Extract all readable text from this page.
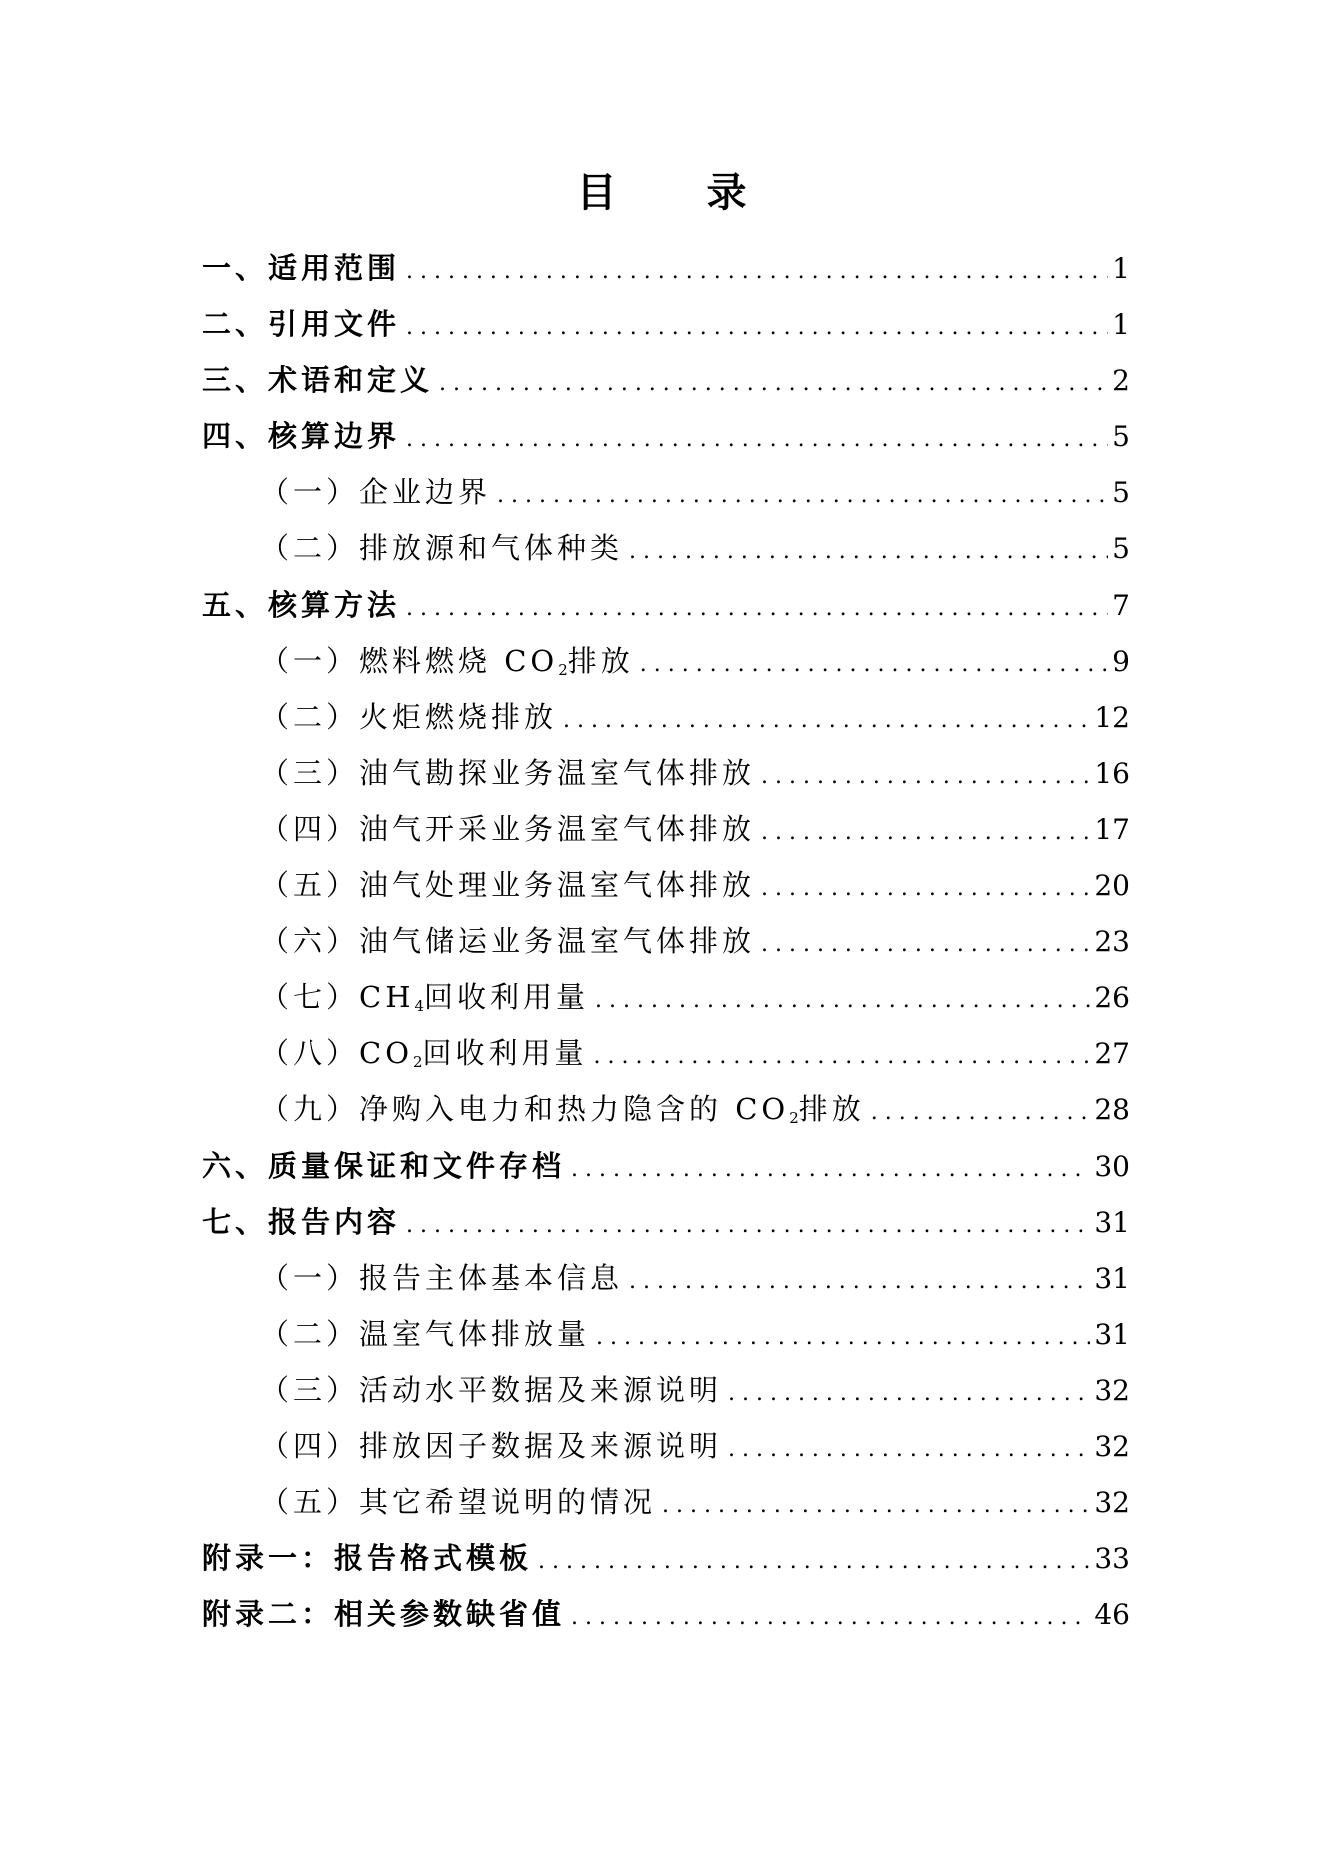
目 录
一、适用范围 . . .	1
二、引用文件 . . .	1
三、术语和定义 . . .	2
四、核算边界 . . .	5
（一）企业边界 . . .	5
（二）排放源和气体种类 . . .	5
五、核算方法 . . .	7
（一）燃料燃烧 $CO_2$排放 . . .	9
（二）火炬燃烧排放 . . .	12
（三）油气勘探业务温室气体排放 . . .	16
（四）油气开采业务温室气体排放 . . .	17
（五）油气处理业务温室气体排放 . . .	20
（六）油气储运业务温室气体排放 . . .	23
（七）$CH_4$回收利用量 . . .	26
（八）$CO_2$回收利用量 . . .	27
（九）净购入电力和热力隐含的 $CO_2$排放 . . .	28
六、质量保证和文件存档 . . .	30
七、报告内容 . . .	31
（一）报告主体基本信息 . . .	31
（二）温室气体排放量 . . .	31
（三）活动水平数据及来源说明 . . .	32
（四）排放因子数据及来源说明 . . .	32
（五）其它希望说明的情况 . . .	32
附录一：报告格式模板 . . .	33
附录二：相关参数缺省值 . . .	46
